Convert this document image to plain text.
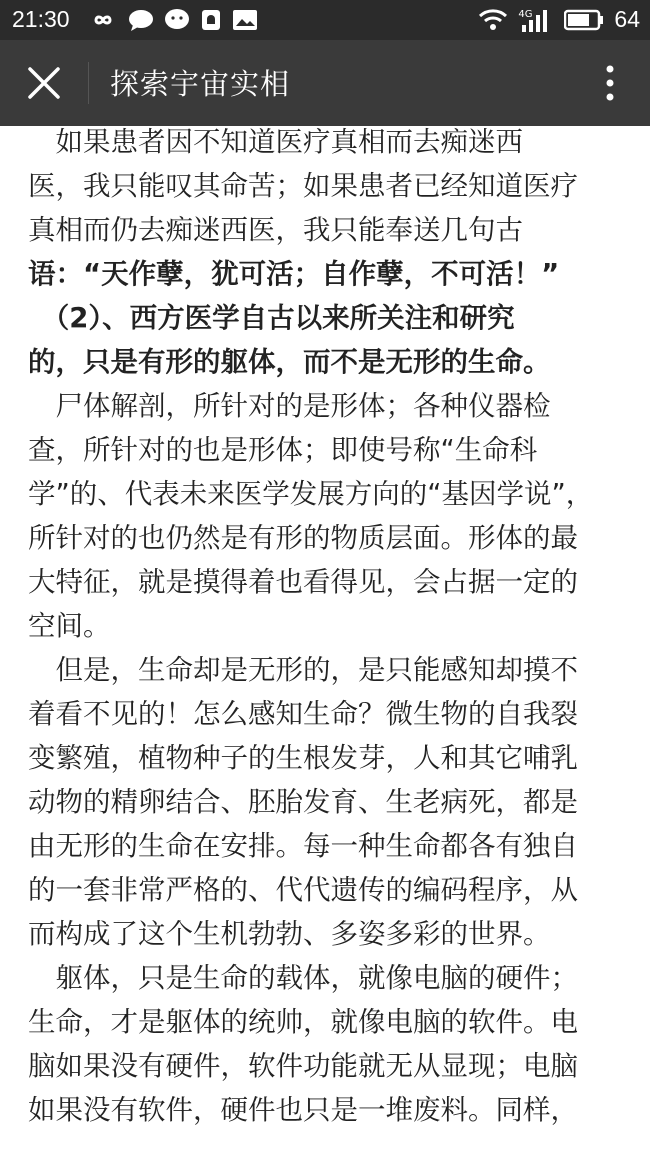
21:30	4G	64
探索宇宙实相

　如果患者因不知道医疗真相而去痴迷西

医，我只能叹其命苦；如果患者已经知道医疗

真相而仍去痴迷西医，我只能奉送几句古

语：“天作孽，犹可活；自作孽，不可活！”

　（2）、西方医学自古以来所关注和研究

的，只是有形的躯体，而不是无形的生命。

　尸体解剖，所针对的是形体；各种仪器检

查，所针对的也是形体；即使号称“生命科

学”的、代表未来医学发展方向的“基因学说”，

所针对的也仍然是有形的物质层面。形体的最

大特征，就是摸得着也看得见，会占据一定的

空间。

　但是，生命却是无形的，是只能感知却摸不

着看不见的！怎么感知生命？微生物的自我裂

变繁殖，植物种子的生根发芽，人和其它哺乳

动物的精卵结合、胚胎发育、生老病死，都是

由无形的生命在安排。每一种生命都各有独自

的一套非常严格的、代代遗传的编码程序，从

而构成了这个生机勃勃、多姿多彩的世界。

　躯体，只是生命的载体，就像电脑的硬件；

生命，才是躯体的统帅，就像电脑的软件。电

脑如果没有硬件，软件功能就无从显现；电脑

如果没有软件，硬件也只是一堆废料。同样，
